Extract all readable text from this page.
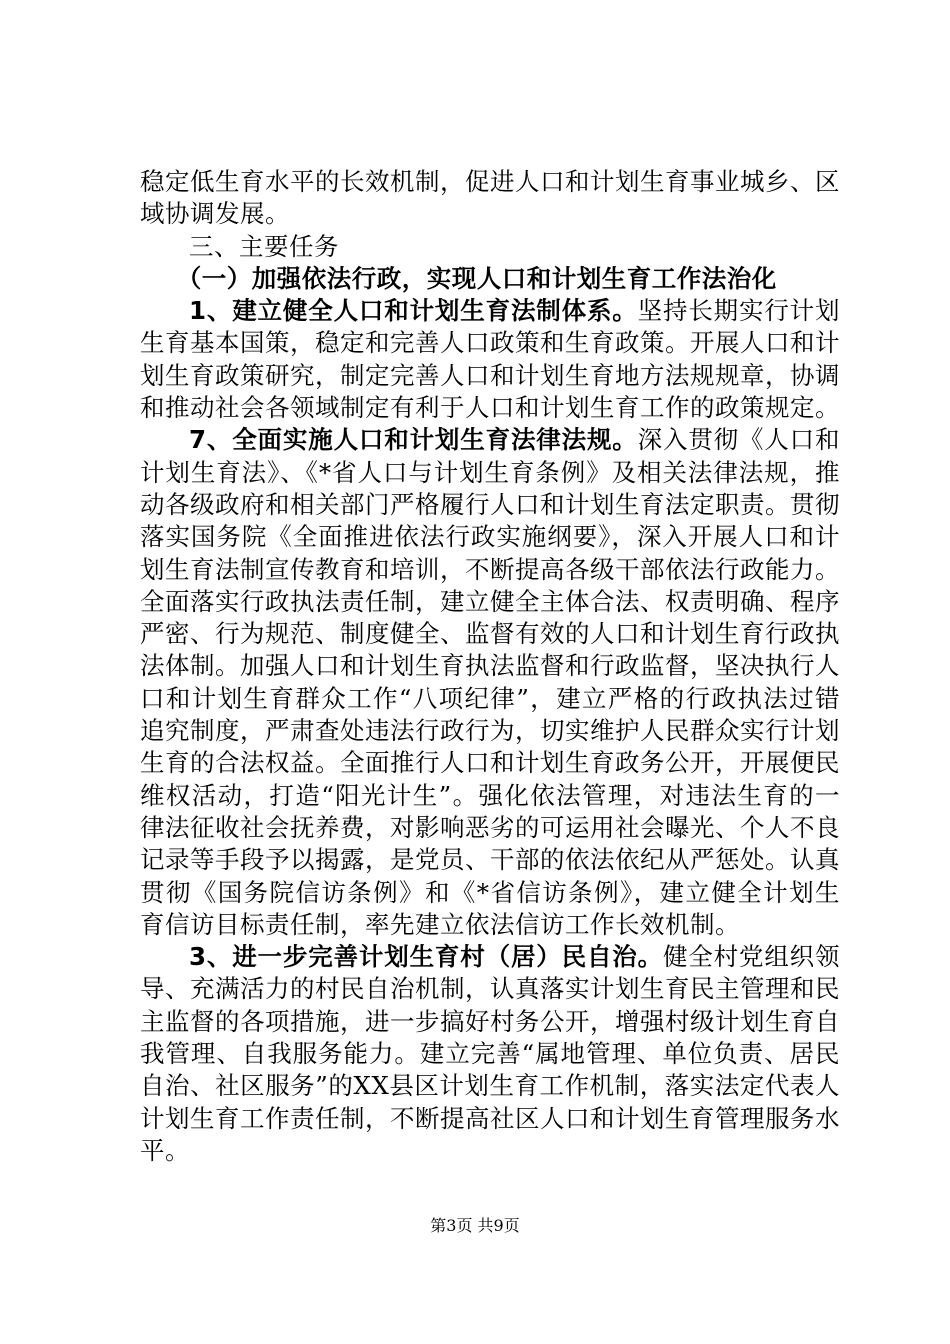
稳定低生育水平的长效机制，促进人口和计划生育事业城乡、区域协调发展。

三、主要任务

（一）加强依法行政，实现人口和计划生育工作法治化

1、建立健全人口和计划生育法制体系。坚持长期实行计划生育基本国策，稳定和完善人口政策和生育政策。开展人口和计划生育政策研究，制定完善人口和计划生育地方法规规章，协调和推动社会各领域制定有利于人口和计划生育工作的政策规定。

7、全面实施人口和计划生育法律法规。深入贯彻《人口和计划生育法》、《*省人口与计划生育条例》及相关法律法规，推动各级政府和相关部门严格履行人口和计划生育法定职责。贯彻落实国务院《全面推进依法行政实施纲要》，深入开展人口和计划生育法制宣传教育和培训，不断提高各级干部依法行政能力。全面落实行政执法责任制，建立健全主体合法、权责明确、程序严密、行为规范、制度健全、监督有效的人口和计划生育行政执法体制。加强人口和计划生育执法监督和行政监督，坚决执行人口和计划生育群众工作“八项纪律”，建立严格的行政执法过错追究制度，严肃查处违法行政行为，切实维护人民群众实行计划生育的合法权益。全面推行人口和计划生育政务公开，开展便民维权活动，打造“阳光计生”。强化依法管理，对违法生育的一律法征收社会抚养费，对影响恶劣的可运用社会曝光、个人不良记录等手段予以揭露，是党员、干部的依法依纪从严惩处。认真贯彻《国务院信访条例》和《*省信访条例》，建立健全计划生育信访目标责任制，率先建立依法信访工作长效机制。

3、进一步完善计划生育村（居）民自治。健全村党组织领导、充满活力的村民自治机制，认真落实计划生育民主管理和民主监督的各项措施，进一步搞好村务公开，增强村级计划生育自我管理、自我服务能力。建立完善“属地管理、单位负责、居民自治、社区服务”的XX县区计划生育工作机制，落实法定代表人计划生育工作责任制，不断提高社区人口和计划生育管理服务水平。

第3页 共9页
